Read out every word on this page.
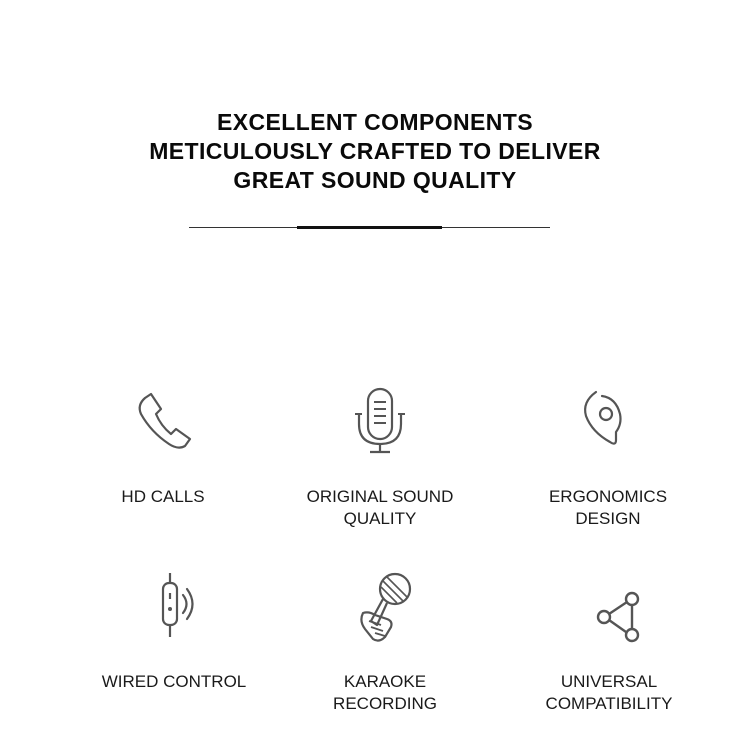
EXCELLENT COMPONENTS
METICULOUSLY CRAFTED TO DELIVER
GREAT SOUND QUALITY
HD CALLS	ORIGINAL SOUND
QUALITY
ERGONOMICS
DESIGN
WIRED CONTROL	KARAOKE
RECORDING
UNIVERSAL
COMPATIBILITY
